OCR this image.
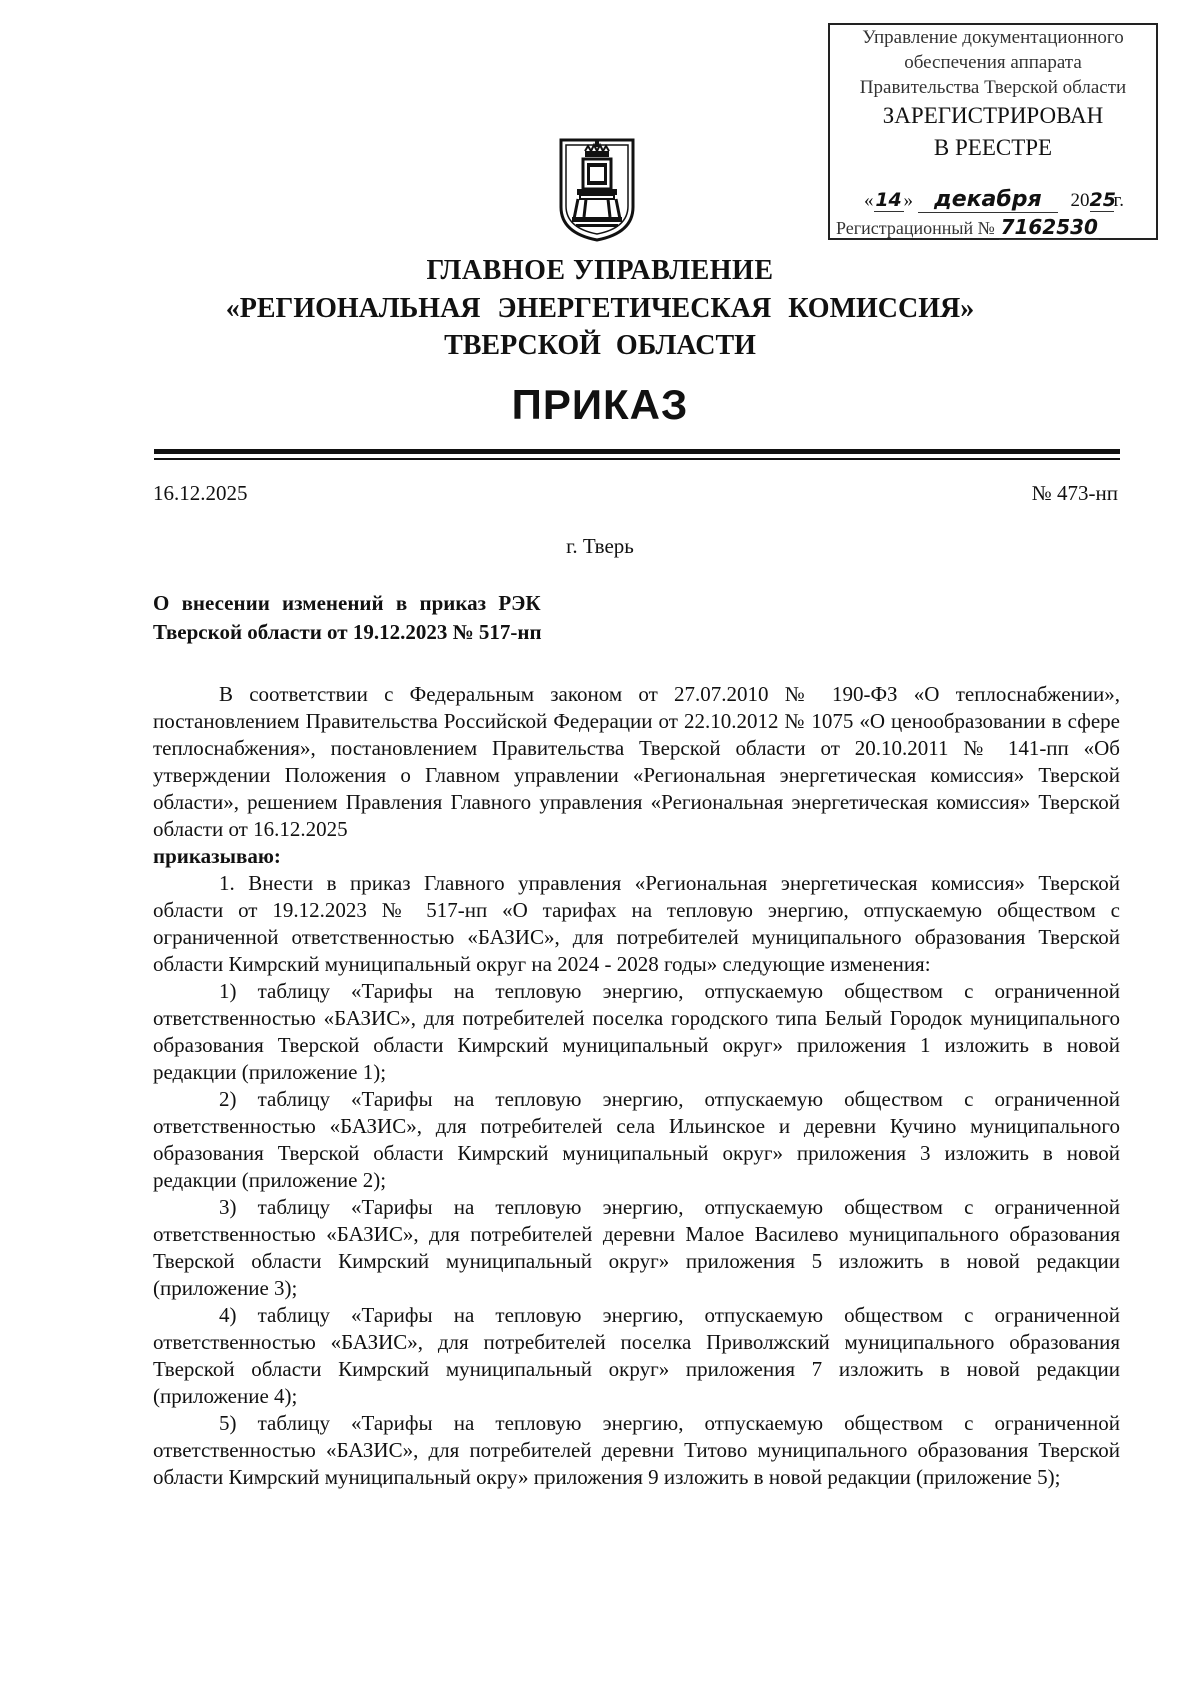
Управление документационного
обеспечения аппарата
Правительства Тверской области
ЗАРЕГИСТРИРОВАН
В РЕЕСТРЕ
«14» декабря 2025г.
Регистрационный № 7162530
ГЛАВНОЕ УПРАВЛЕНИЕ
«РЕГИОНАЛЬНАЯ ЭНЕРГЕТИЧЕСКАЯ КОМИССИЯ»
ТВЕРСКОЙ ОБЛАСТИ
ПРИКАЗ
16.12.2025	№ 473-нп
г. Тверь
О внесении изменений в приказ РЭК
Тверской области от 19.12.2023 № 517-нп

В соответствии с Федеральным законом от 27.07.2010 № 190-ФЗ «О теплоснабжении», постановлением Правительства Российской Федерации от 22.10.2012 № 1075 «О ценообразовании в сфере теплоснабжения», постановлением Правительства Тверской области от 20.10.2011 № 141-пп «Об утверждении Положения о Главном управлении «Региональная энергетическая комиссия» Тверской области», решением Правления Главного управления «Региональная энергетическая комиссия» Тверской области от 16.12.2025

приказываю:

1. Внести в приказ Главного управления «Региональная энергетическая комиссия» Тверской области от 19.12.2023 № 517-нп «О тарифах на тепловую энергию, отпускаемую обществом с ограниченной ответственностью «БАЗИС», для потребителей муниципального образования Тверской области Кимрский муниципальный округ на 2024 - 2028 годы» следующие изменения:

1) таблицу «Тарифы на тепловую энергию, отпускаемую обществом с ограниченной ответственностью «БАЗИС», для потребителей поселка городского типа Белый Городок муниципального образования Тверской области Кимрский муниципальный округ» приложения 1 изложить в новой редакции (приложение 1);

2) таблицу «Тарифы на тепловую энергию, отпускаемую обществом с ограниченной ответственностью «БАЗИС», для потребителей села Ильинское и деревни Кучино муниципального образования Тверской области Кимрский муниципальный округ» приложения 3 изложить в новой редакции (приложение 2);

3) таблицу «Тарифы на тепловую энергию, отпускаемую обществом с ограниченной ответственностью «БАЗИС», для потребителей деревни Малое Василево муниципального образования Тверской области Кимрский муниципальный округ» приложения 5 изложить в новой редакции (приложение 3);

4) таблицу «Тарифы на тепловую энергию, отпускаемую обществом с ограниченной ответственностью «БАЗИС», для потребителей поселка Приволжский муниципального образования Тверской области Кимрский муниципальный округ» приложения 7 изложить в новой редакции (приложение 4);

5) таблицу «Тарифы на тепловую энергию, отпускаемую обществом с ограниченной ответственностью «БАЗИС», для потребителей деревни Титово муниципального образования Тверской области Кимрский муниципальный окру» приложения 9 изложить в новой редакции (приложение 5);
